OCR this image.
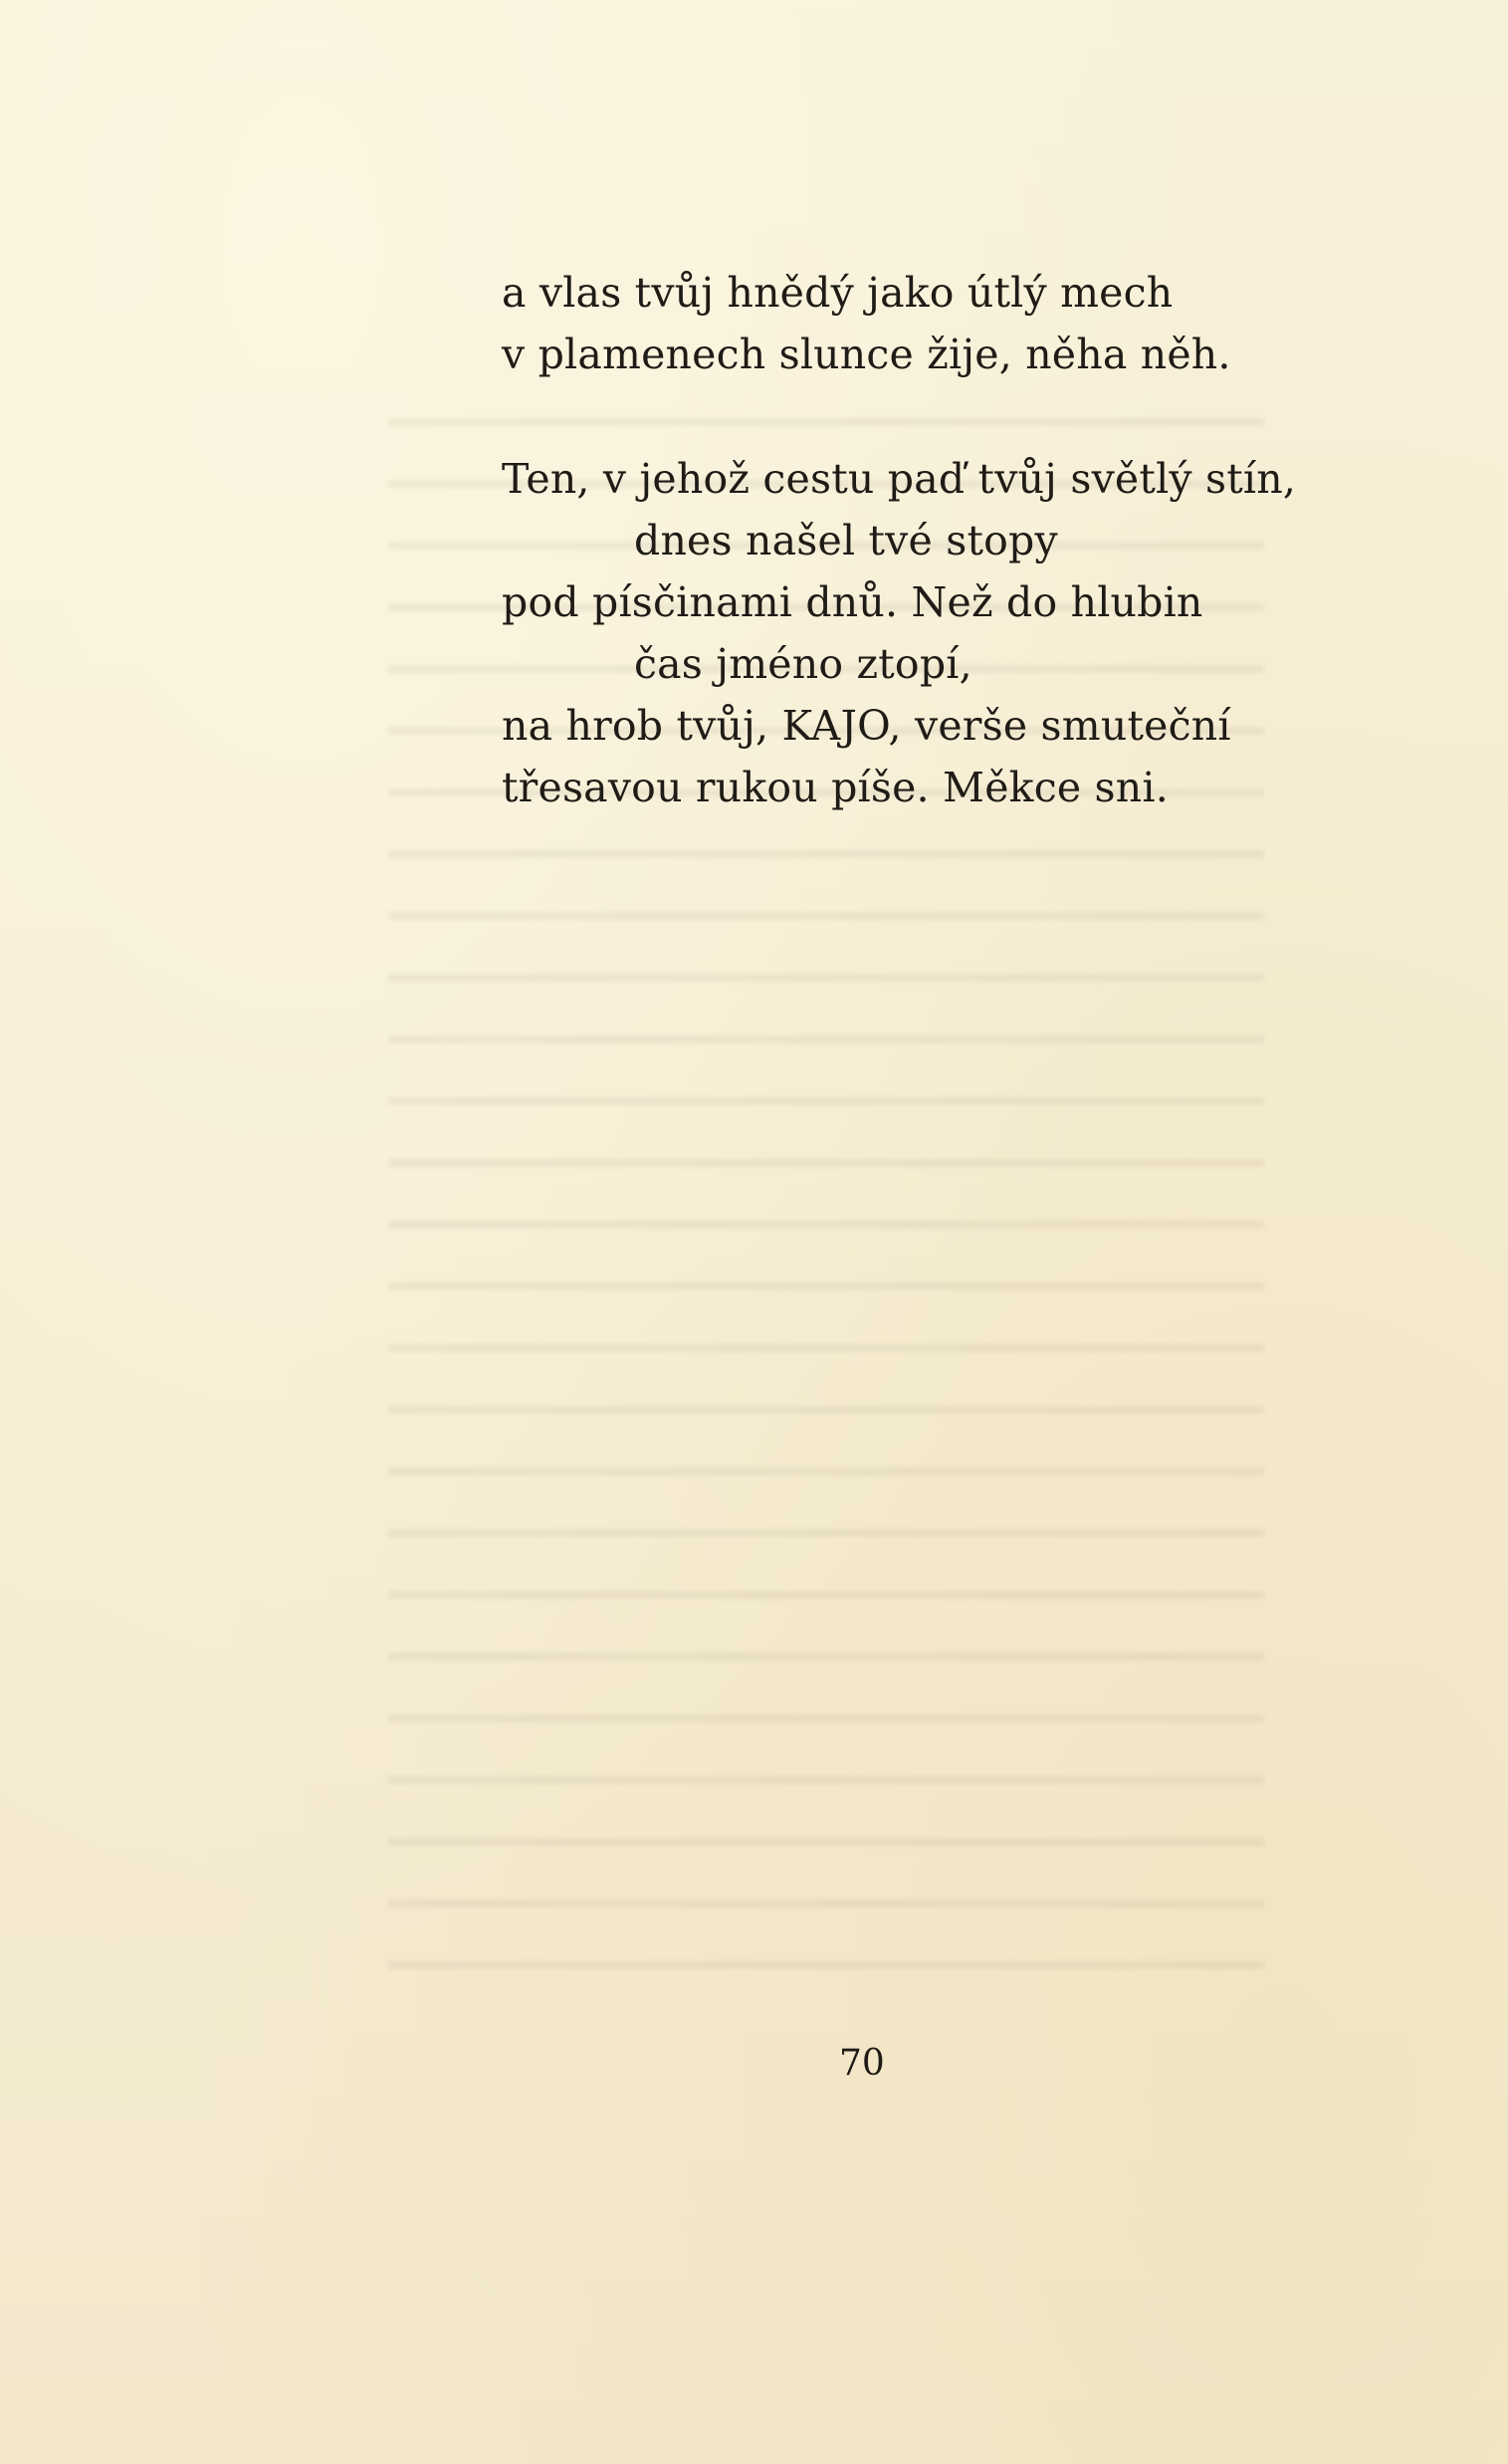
a vlas tvůj hnědý jako útlý mech
v plamenech slunce žije, něha něh.
Ten, v jehož cestu paď tvůj světlý stín,
dnes našel tvé stopy
pod písčinami dnů. Než do hlubin
čas jméno ztopí,
na hrob tvůj, KAJO, verše smuteční
třesavou rukou píše. Měkce sni.
70
